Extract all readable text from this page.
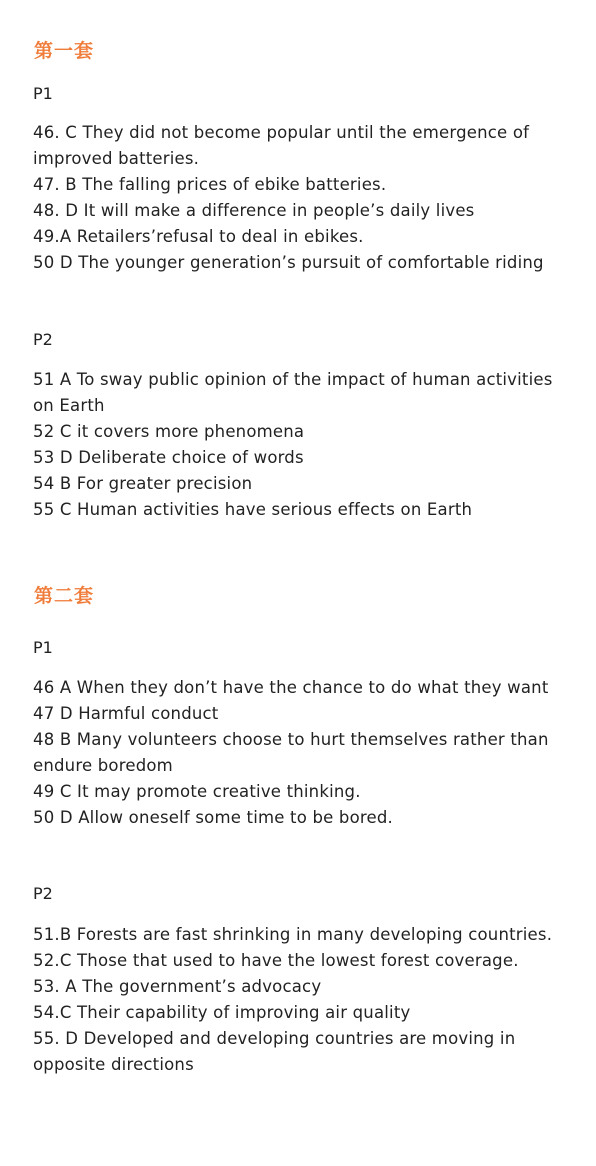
第一套
P1
46. C They did not become popular until the emergence of improved batteries.
47. B The falling prices of ebike batteries.
48. D It will make a difference in people’s daily lives
49.A Retailers’refusal to deal in ebikes.
50 D The younger generation’s pursuit of comfortable riding
P2
51 A To sway public opinion of the impact of human activities on Earth
52 C it covers more phenomena
53 D Deliberate choice of words
54 B For greater precision
55 C Human activities have serious effects on Earth
第二套
P1
46 A When they don’t have the chance to do what they want
47 D Harmful conduct
48 B Many volunteers choose to hurt themselves rather than endure boredom
49 C It may promote creative thinking.
50 D Allow oneself some time to be bored.
P2
51.B Forests are fast shrinking in many developing countries.
52.C Those that used to have the lowest forest coverage.
53. A The government’s advocacy
54.C Their capability of improving air quality
55. D Developed and developing countries are moving in opposite directions
